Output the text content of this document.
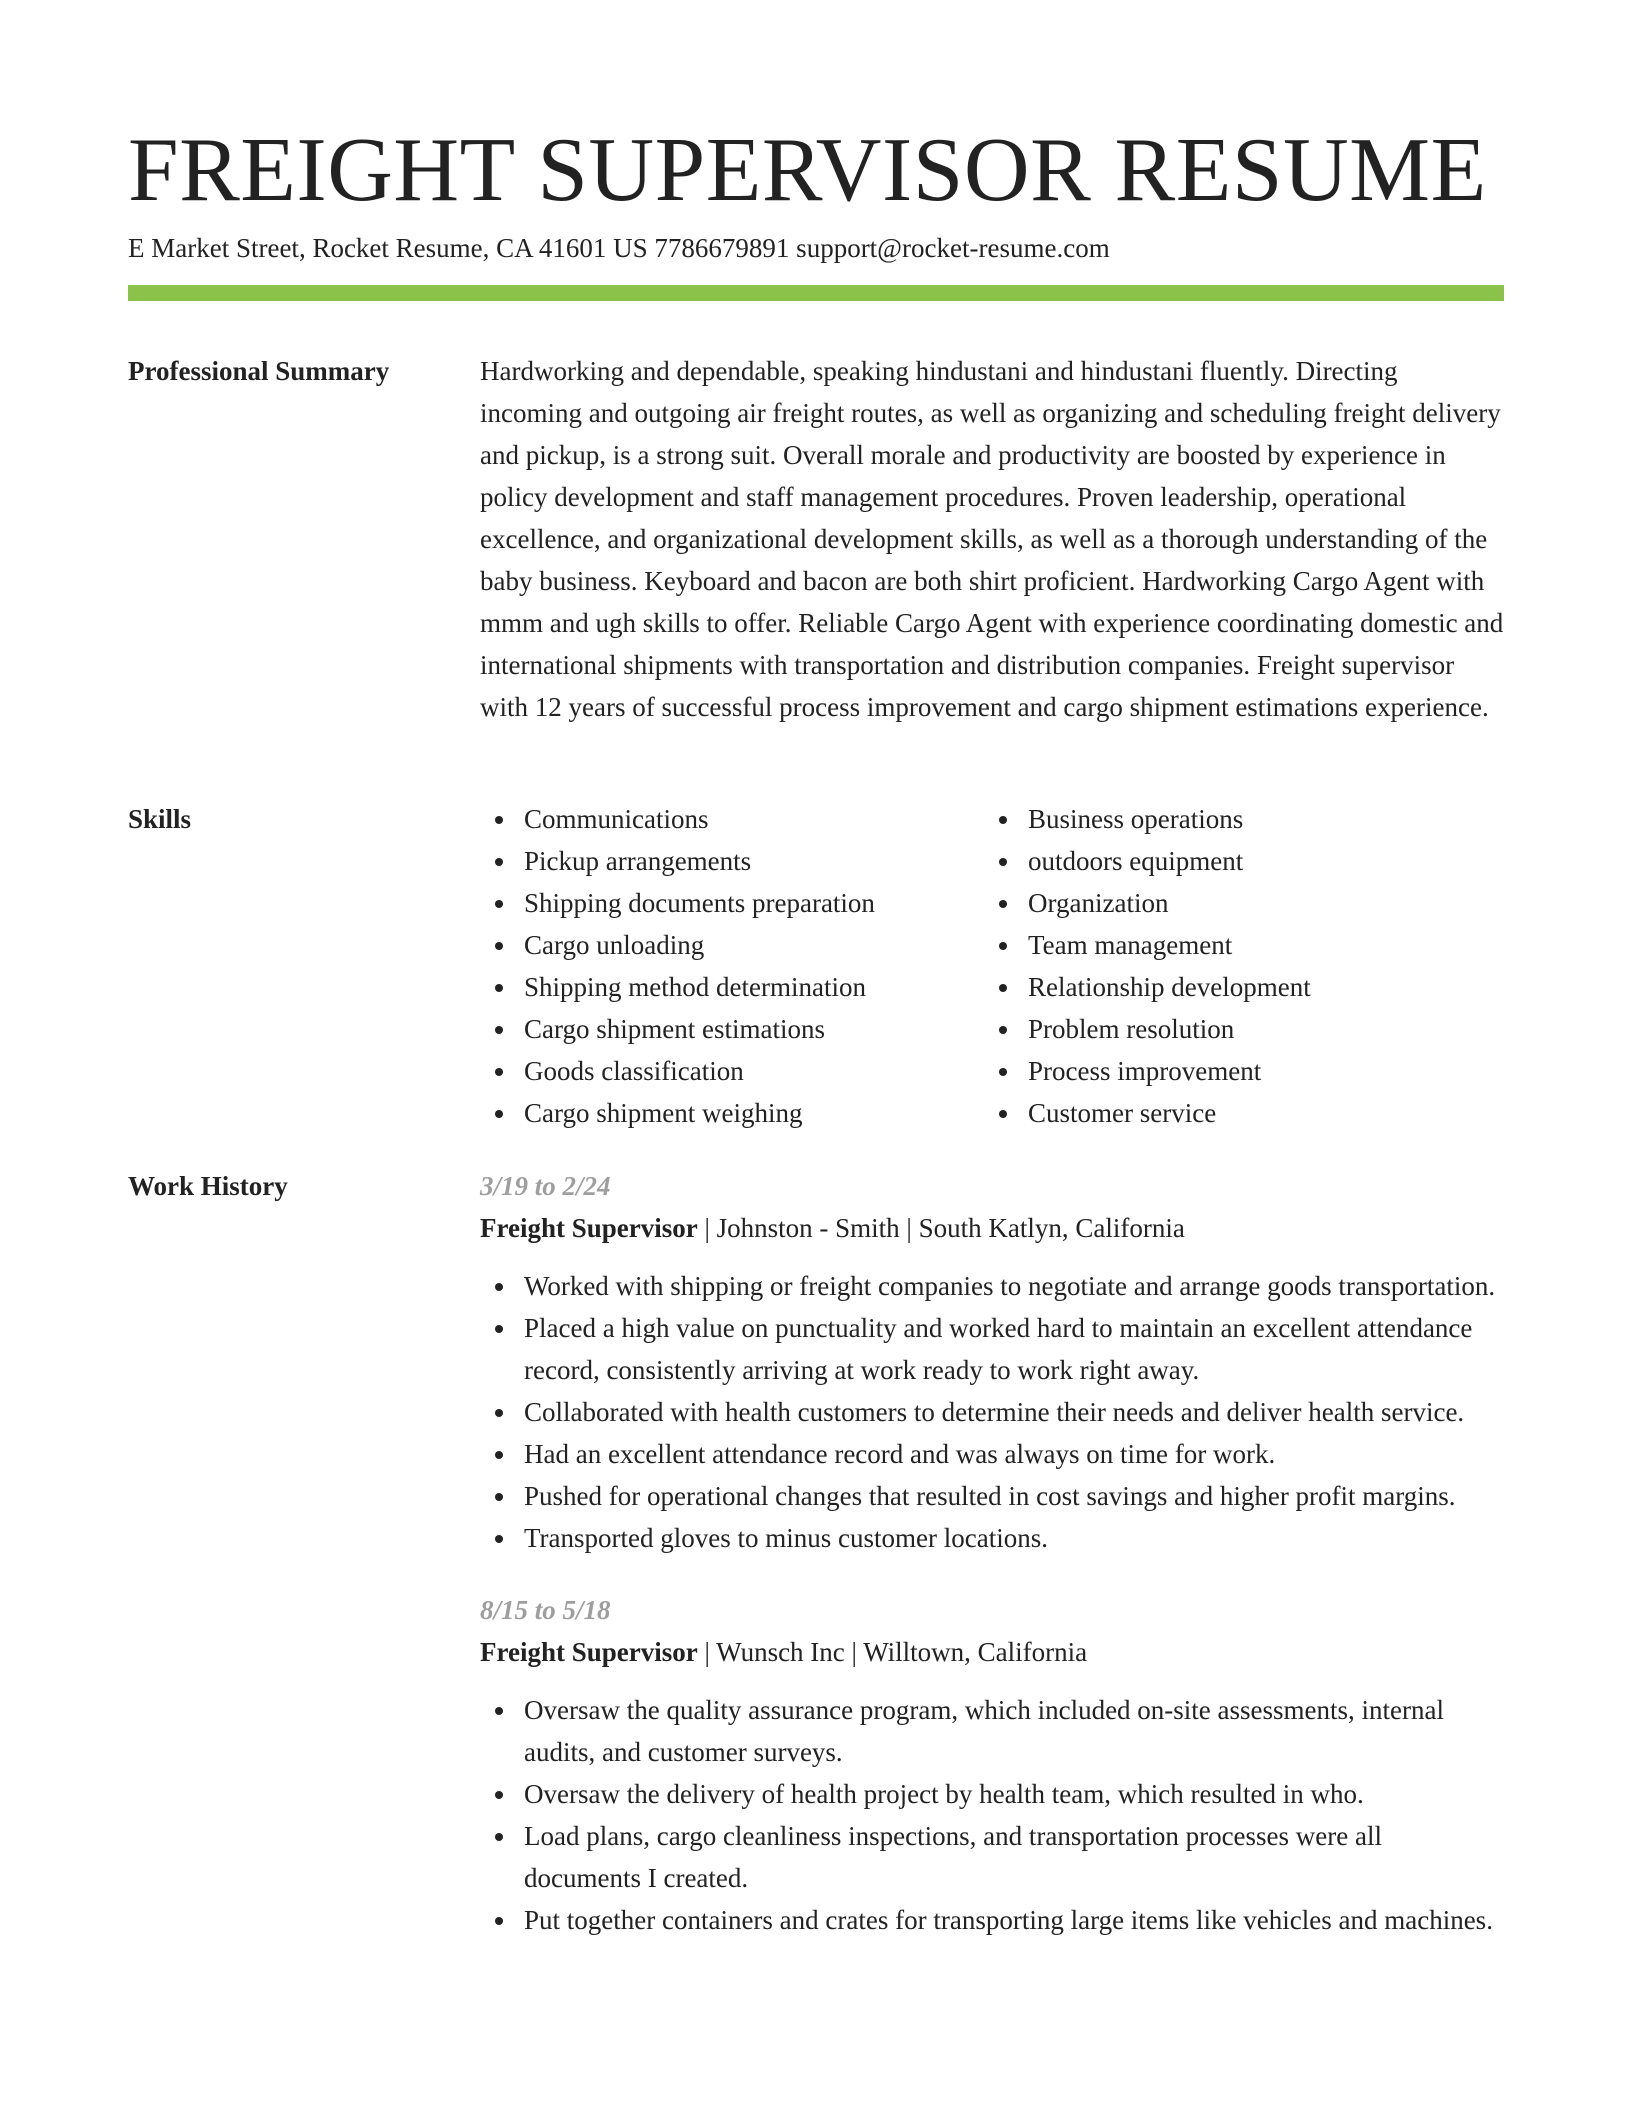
FREIGHT SUPERVISOR RESUME
E Market Street, Rocket Resume, CA 41601 US 7786679891 support@rocket-resume.com
Professional Summary	Hardworking and dependable, speaking hindustani and hindustani fluently. Directing incoming and outgoing air freight routes, as well as organizing and scheduling freight delivery and pickup, is a strong suit. Overall morale and productivity are boosted by experience in policy development and staff management procedures. Proven leadership, operational excellence, and organizational development skills, as well as a thorough understanding of the baby business. Keyboard and bacon are both shirt proficient. Hardworking Cargo Agent with mmm and ugh skills to offer. Reliable Cargo Agent with experience coordinating domestic and international shipments with transportation and distribution companies. Freight supervisor with 12 years of successful process improvement and cargo shipment estimations experience.

Skills	Communications
Pickup arrangements
Shipping documents preparation
Cargo unloading
Shipping method determination
Cargo shipment estimations
Goods classification
Cargo shipment weighing
Business operations
outdoors equipment
Organization
Team management
Relationship development
Problem resolution
Process improvement
Customer service
Work History	3/19 to 2/24
Freight Supervisor | Johnston - Smith | South Katlyn, California
Worked with shipping or freight companies to negotiate and arrange goods transportation.
Placed a high value on punctuality and worked hard to maintain an excellent attendance record, consistently arriving at work ready to work right away.
Collaborated with health customers to determine their needs and deliver health service.
Had an excellent attendance record and was always on time for work.
Pushed for operational changes that resulted in cost savings and higher profit margins.
Transported gloves to minus customer locations.
8/15 to 5/18
Freight Supervisor | Wunsch Inc | Willtown, California
Oversaw the quality assurance program, which included on-site assessments, internal audits, and customer surveys.
Oversaw the delivery of health project by health team, which resulted in who.
Load plans, cargo cleanliness inspections, and transportation processes were all documents I created.
Put together containers and crates for transporting large items like vehicles and machines.
